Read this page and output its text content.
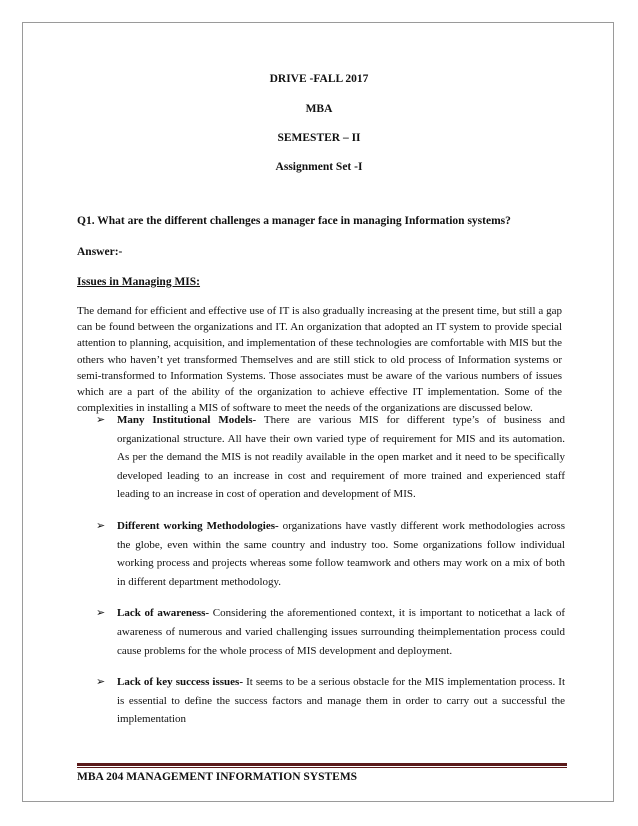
DRIVE -FALL 2017
MBA
SEMESTER – II
Assignment Set -I
Q1. What are the different challenges a manager face in managing Information systems?
Answer:-
Issues in Managing MIS:
The demand for efficient and effective use of IT is also gradually increasing at the present time, but still a gap can be found between the organizations and IT. An organization that adopted an IT system to provide special attention to planning, acquisition, and implementation of these technologies are comfortable with MIS but the others who haven’t yet transformed Themselves and are still stick to old process of Information systems or semi-transformed to Information Systems. Those associates must be aware of the various numbers of issues which are a part of the ability of the organization to achieve effective IT implementation. Some of the complexities in installing a MIS of software to meet the needs of the organizations are discussed below.
➢ Many Institutional Models- There are various MIS for different type’s of business and organizational structure. All have their own varied type of requirement for MIS and its automation. As per the demand the MIS is not readily available in the open market and it need to be specifically developed leading to an increase in cost and requirement of more trained and experienced staff leading to an increase in cost of operation and development of MIS.
➢ Different working Methodologies- organizations have vastly different work methodologies across the globe, even within the same country and industry too. Some organizations follow individual working process and projects whereas some follow teamwork and others may work on a mix of both in different department methodology.
➢ Lack of awareness- Considering the aforementioned context, it is important to noticethat a lack of awareness of numerous and varied challenging issues surrounding theimplementation process could cause problems for the whole process of MIS development and deployment.
➢ Lack of key success issues- It seems to be a serious obstacle for the MIS implementation process. It is essential to define the success factors and manage them in order to carry out a successful the implementation
MBA 204 MANAGEMENT INFORMATION SYSTEMS
